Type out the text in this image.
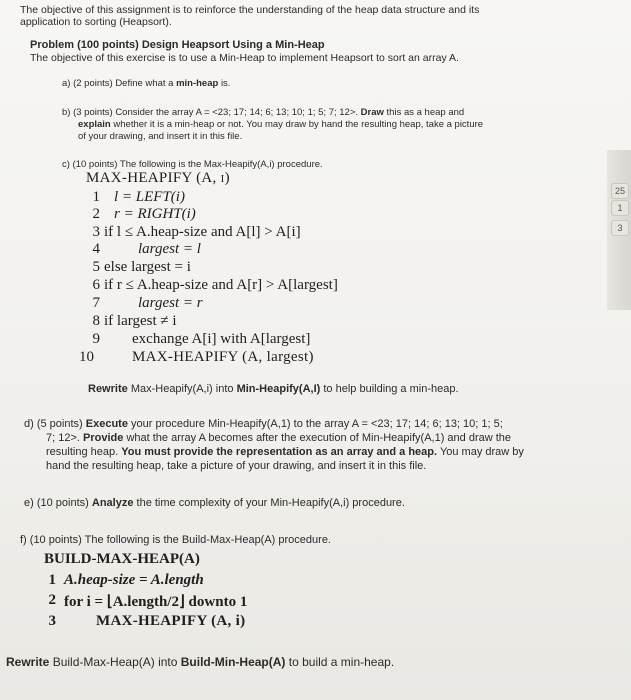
The objective of this assignment is to reinforce the understanding of the heap data structure and its
application to sorting (Heapsort).
Problem (100 points) Design Heapsort Using a Min-Heap
The objective of this exercise is to use a Min-Heap to implement Heapsort to sort an array A.
a) (2 points) Define what a min-heap is.
b) (3 points) Consider the array A = <23; 17; 14; 6; 13; 10; 1; 5; 7; 12>. Draw this as a heap and
explain whether it is a min-heap or not. You may draw by hand the resulting heap, take a picture
of your drawing, and insert it in this file.
c) (10 points) The following is the Max-Heapify(A,i) procedure.
MAX-HEAPIFY (A, i)
1 l = LEFT(i)
2 r = RIGHT(i)
3 if l ≤ A.heap-size and A[l] > A[i]
4	largest = l
5 else largest = i
6 if r ≤ A.heap-size and A[r] > A[largest]
7	largest = r
8 if largest ≠ i
9 exchange A[i] with A[largest]
10	MAX-HEAPIFY (A, largest)
Rewrite Max-Heapify(A,i) into Min-Heapify(A,I) to help building a min-heap.
d) (5 points) Execute your procedure Min-Heapify(A,1) to the array A = <23; 17; 14; 6; 13; 10; 1; 5;
7; 12>. Provide what the array A becomes after the execution of Min-Heapify(A,1) and draw the
resulting heap. You must provide the representation as an array and a heap. You may draw by
hand the resulting heap, take a picture of your drawing, and insert it in this file.
e) (10 points) Analyze the time complexity of your Min-Heapify(A,i) procedure.
f) (10 points) The following is the Build-Max-Heap(A) procedure.
BUILD-MAX-HEAP(A)
1 A.heap-size = A.length
2 for i = ⌊A.length/2⌋ downto 1
3	MAX-HEAPIFY (A, i)
Rewrite Build-Max-Heap(A) into Build-Min-Heap(A) to build a min-heap.
25
1
3
